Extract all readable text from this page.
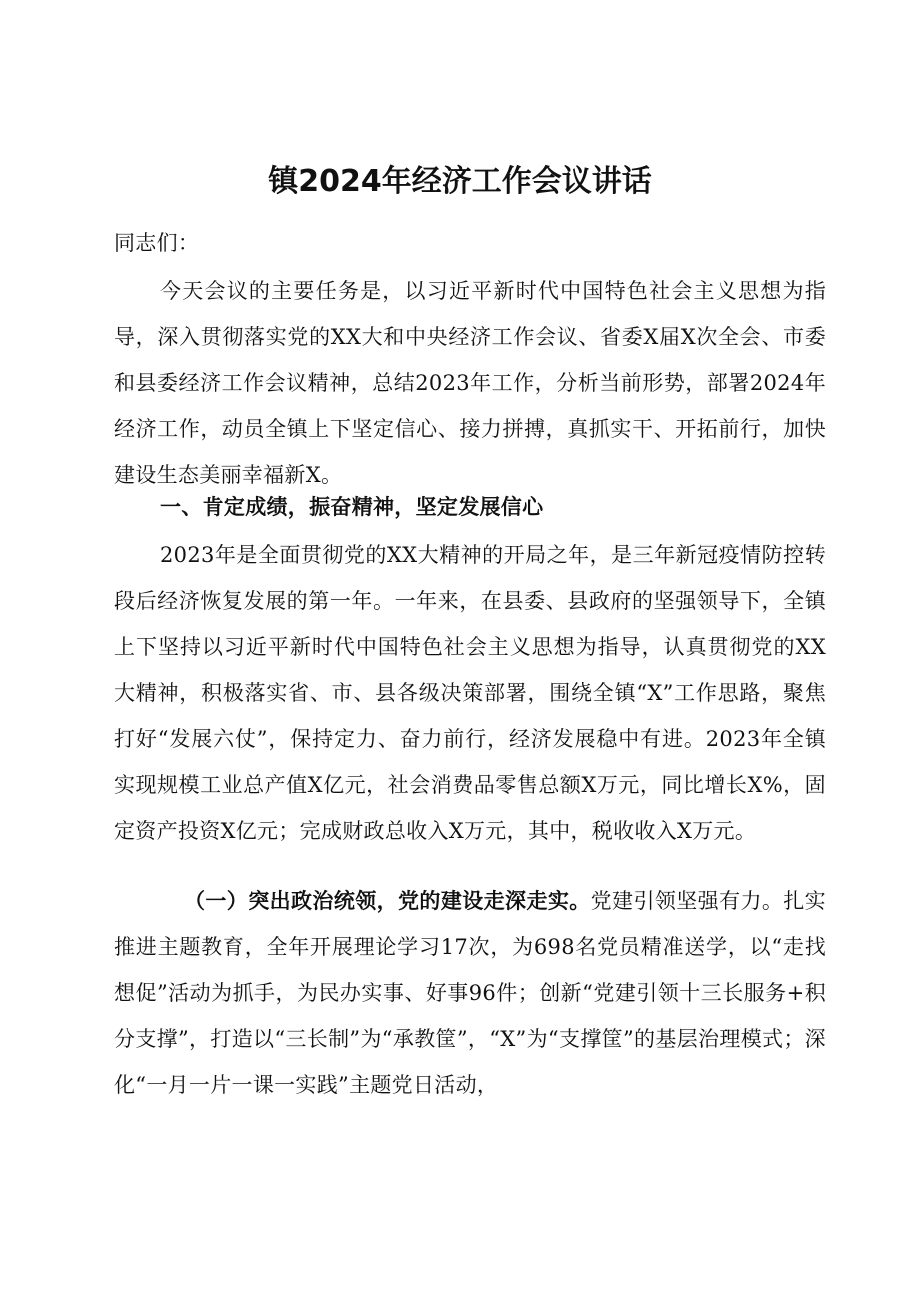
镇2024年经济工作会议讲话

同志们：

今天会议的主要任务是，以习近平新时代中国特色社会主义思想为指导，深入贯彻落实党的XX大和中央经济工作会议、省委X届X次全会、市委和县委经济工作会议精神，总结2023年工作，分析当前形势，部署2024年经济工作，动员全镇上下坚定信心、接力拼搏，真抓实干、开拓前行，加快建设生态美丽幸福新X。

一、肯定成绩，振奋精神，坚定发展信心

2023年是全面贯彻党的XX大精神的开局之年，是三年新冠疫情防控转段后经济恢复发展的第一年。一年来，在县委、县政府的坚强领导下，全镇上下坚持以习近平新时代中国特色社会主义思想为指导，认真贯彻党的XX大精神，积极落实省、市、县各级决策部署，围绕全镇“X”工作思路，聚焦打好“发展六仗”，保持定力、奋力前行，经济发展稳中有进。2023年全镇实现规模工业总产值X亿元，社会消费品零售总额X万元，同比增长X%，固定资产投资X亿元；完成财政总收入X万元，其中，税收收入X万元。

（一）突出政治统领，党的建设走深走实。党建引领坚强有力。扎实推进主题教育，全年开展理论学习17次，为698名党员精准送学，以“走找想促”活动为抓手，为民办实事、好事96件；创新“党建引领十三长服务+积分支撑”，打造以“三长制”为“承教筐”，“X”为“支撑筐”的基层治理模式；深化“一月一片一课一实践”主题党日活动，
